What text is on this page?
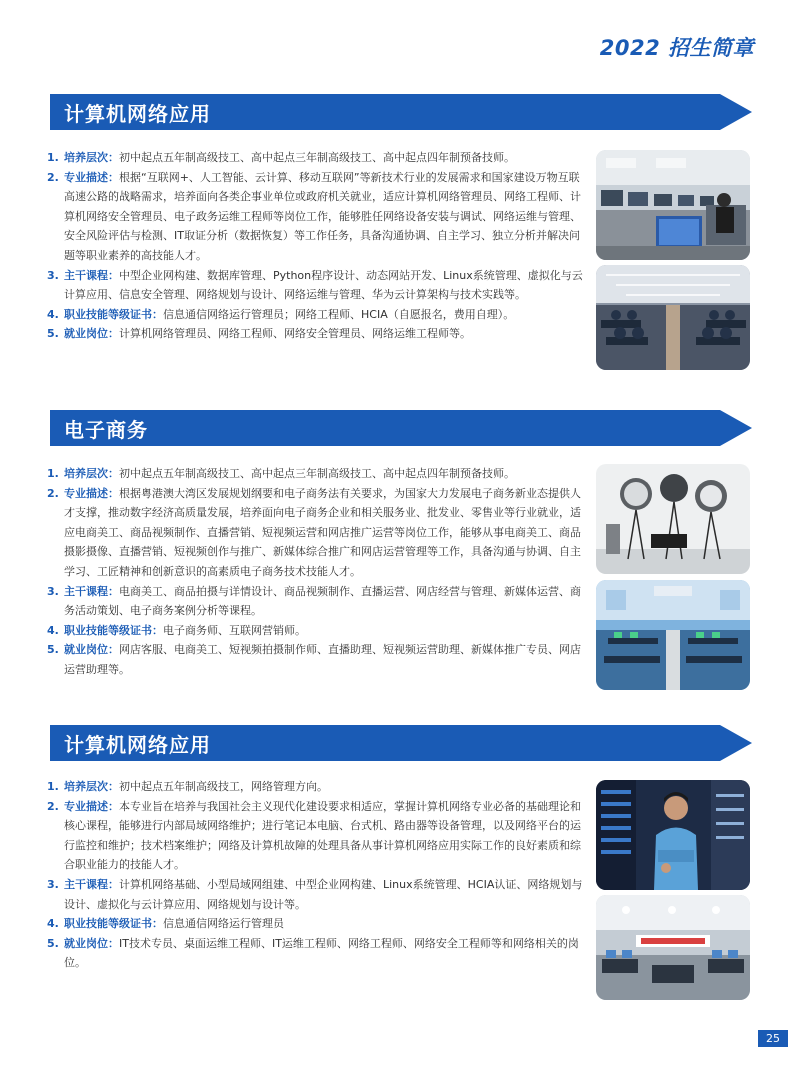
2022 招生简章
计算机网络应用
1. 培养层次：初中起点五年制高级技工、高中起点三年制高级技工、高中起点四年制预备技师。
2. 专业描述：根据“互联网+、人工智能、云计算、移动互联网”等新技术行业的发展需求和国家建设万物互联高速公路的战略需求，培养面向各类企事业单位或政府机关就业，适应计算机网络管理员、网络工程师、计算机网络安全管理员、电子政务运维工程师等岗位工作，能够胜任网络设备安装与调试、网络运维与管理、安全风险评估与检测、IT取证分析（数据恢复）等工作任务，具备沟通协调、自主学习、独立分析并解决问题等职业素养的高技能人才。
3. 主干课程：中型企业网构建、数据库管理、Python程序设计、动态网站开发、Linux系统管理、虚拟化与云计算应用、信息安全管理、网络规划与设计、网络运维与管理、华为云计算架构与技术实践等。
4. 职业技能等级证书：信息通信网络运行管理员；网络工程师、HCIA（自愿报名，费用自理）。
5. 就业岗位：计算机网络管理员、网络工程师、网络安全管理员、网络运维工程师等。
电子商务
1. 培养层次：初中起点五年制高级技工、高中起点三年制高级技工、高中起点四年制预备技师。
2. 专业描述：根据粤港澳大湾区发展规划纲要和电子商务法有关要求，为国家大力发展电子商务新业态提供人才支撑，推动数字经济高质量发展，培养面向电子商务企业和相关服务业、批发业、零售业等行业就业，适应电商美工、商品视频制作、直播营销、短视频运营和网店推广运营等岗位工作，能够从事电商美工、商品摄影摄像、直播营销、短视频创作与推广、新媒体综合推广和网店运营管理等工作，具备沟通与协调、自主学习、工匠精神和创新意识的高素质电子商务技术技能人才。
3. 主干课程：电商美工、商品拍摄与详情设计、商品视频制作、直播运营、网店经营与管理、新媒体运营、商务活动策划、电子商务案例分析等课程。
4. 职业技能等级证书：电子商务师、互联网营销师。
5. 就业岗位：网店客服、电商美工、短视频拍摄制作师、直播助理、短视频运营助理、新媒体推广专员、网店运营助理等。
计算机网络应用
1. 培养层次：初中起点五年制高级技工，网络管理方向。
2. 专业描述：本专业旨在培养与我国社会主义现代化建设要求相适应，掌握计算机网络专业必备的基础理论和核心课程，能够进行内部局域网络维护；进行笔记本电脑、台式机、路由器等设备管理，以及网络平台的运行监控和维护；技术档案维护；网络及计算机故障的处理具备从事计算机网络应用实际工作的良好素质和综合职业能力的技能人才。
3. 主干课程：计算机网络基础、小型局域网组建、中型企业网构建、Linux系统管理、HCIA认证、网络规划与设计、虚拟化与云计算应用、网络规划与设计等。
4. 职业技能等级证书：信息通信网络运行管理员
5. 就业岗位：IT技术专员、桌面运维工程师、IT运维工程师、网络工程师、网络安全工程师等和网络相关的岗位。
25
